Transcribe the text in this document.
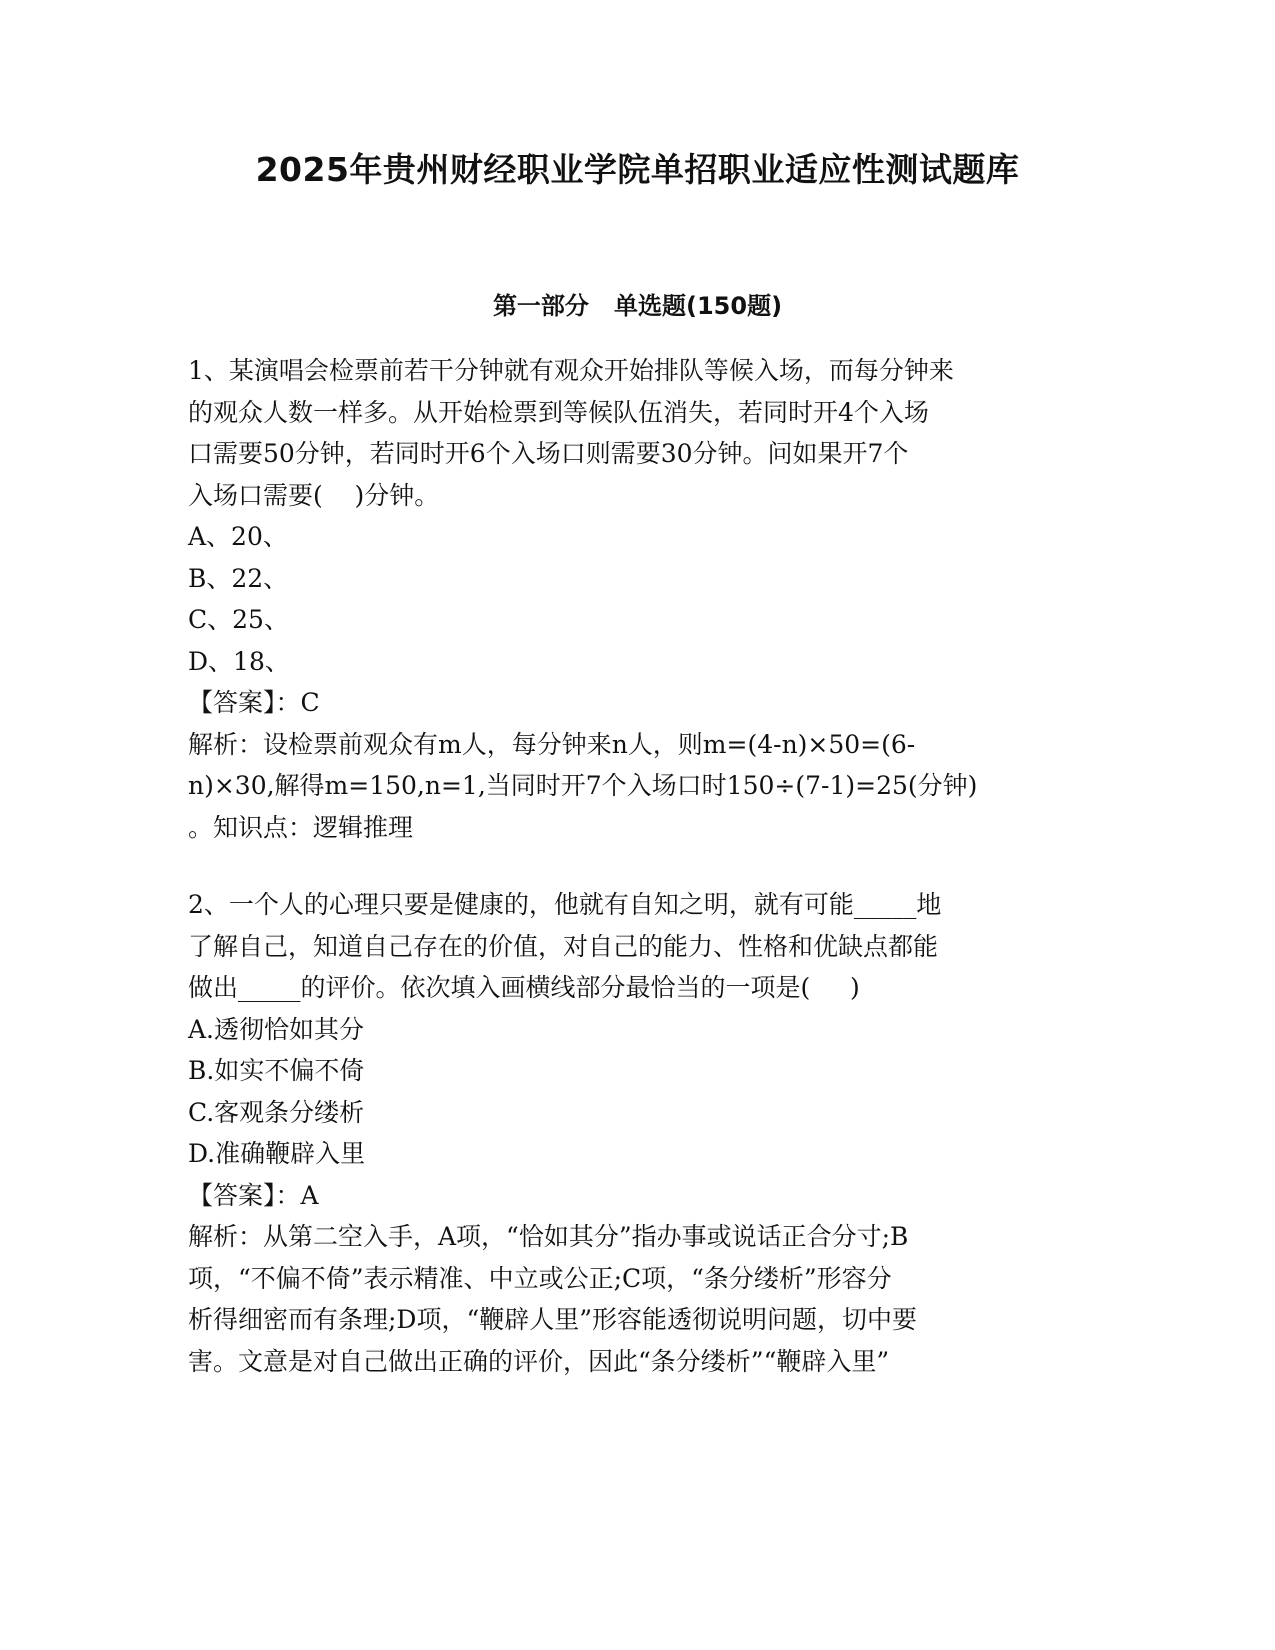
2025年贵州财经职业学院单招职业适应性测试题库
第一部分   单选题(150题)
1、某演唱会检票前若干分钟就有观众开始排队等候入场，而每分钟来
的观众人数一样多。从开始检票到等候队伍消失，若同时开4个入场
口需要50分钟，若同时开6个入场口则需要30分钟。问如果开7个
入场口需要(    )分钟。
A、20、
B、22、
C、25、
D、18、
【答案】：C
解析：设检票前观众有m人，每分钟来n人，则m=(4-n)×50=(6-
n)×30,解得m=150,n=1,当同时开7个入场口时150÷(7-1)=25(分钟)
。知识点：逻辑推理
2、一个人的心理只要是健康的，他就有自知之明，就有可能_____地
了解自己，知道自己存在的价值，对自己的能力、性格和优缺点都能
做出_____的评价。依次填入画横线部分最恰当的一项是(     )
A.透彻恰如其分
B.如实不偏不倚
C.客观条分缕析
D.准确鞭辟入里
【答案】：A
解析：从第二空入手，A项，“恰如其分”指办事或说话正合分寸;B
项，“不偏不倚”表示精准、中立或公正;C项，“条分缕析”形容分
析得细密而有条理;D项，“鞭辟人里”形容能透彻说明问题，切中要
害。文意是对自己做出正确的评价，因此“条分缕析”“鞭辟入里”
